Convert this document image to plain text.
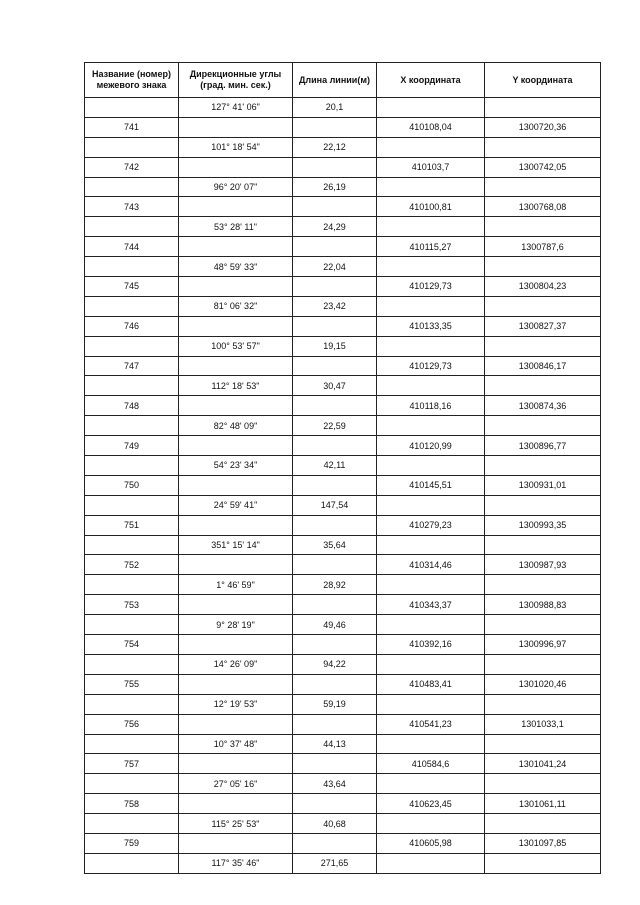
Название (номер)
межевого знака	Дирекционные углы
(град. мин. сек.)	Длина линии(м)	X координата	Y координата
	127° 41' 06"	20,1		
741			410108,04	1300720,36
	101° 18' 54"	22,12		
742			410103,7	1300742,05
	96° 20' 07"	26,19		
743			410100,81	1300768,08
	53° 28' 11"	24,29		
744			410115,27	1300787,6
	48° 59' 33"	22,04		
745			410129,73	1300804,23
	81° 06' 32"	23,42		
746			410133,35	1300827,37
	100° 53' 57"	19,15		
747			410129,73	1300846,17
	112° 18' 53"	30,47		
748			410118,16	1300874,36
	82° 48' 09"	22,59		
749			410120,99	1300896,77
	54° 23' 34"	42,11		
750			410145,51	1300931,01
	24° 59' 41"	147,54		
751			410279,23	1300993,35
	351° 15' 14"	35,64		
752			410314,46	1300987,93
	1° 46' 59"	28,92		
753			410343,37	1300988,83
	9° 28' 19"	49,46		
754			410392,16	1300996,97
	14° 26' 09"	94,22		
755			410483,41	1301020,46
	12° 19' 53"	59,19		
756			410541,23	1301033,1
	10° 37' 48"	44,13		
757			410584,6	1301041,24
	27° 05' 16"	43,64		
758			410623,45	1301061,11
	115° 25' 53"	40,68		
759			410605,98	1301097,85
	117° 35' 46"	271,65		
